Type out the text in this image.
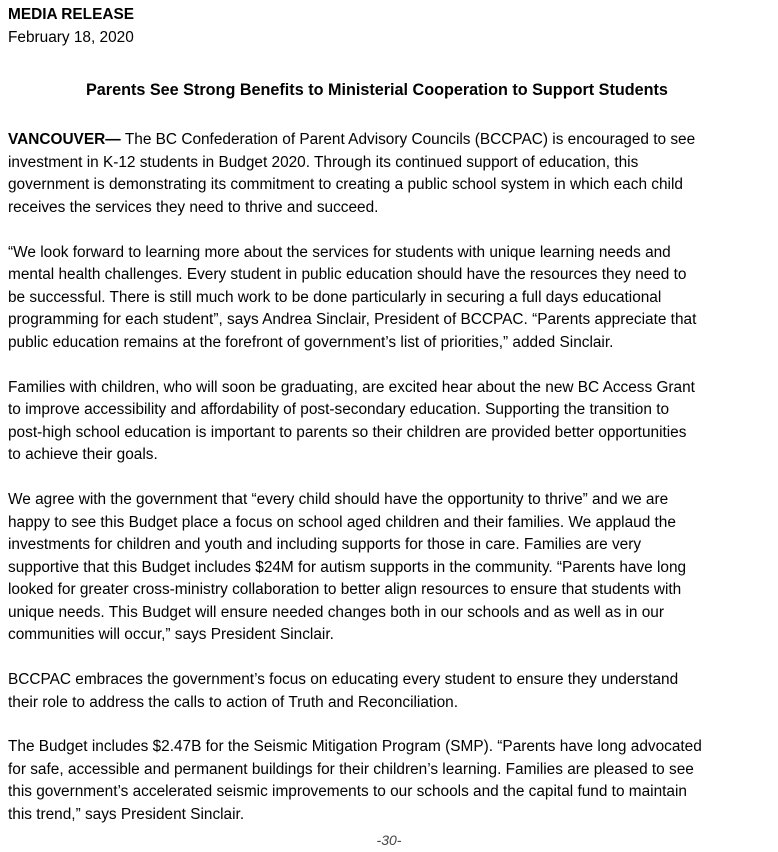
MEDIA RELEASE

February 18, 2020

Parents See Strong Benefits to Ministerial Cooperation to Support Students

VANCOUVER— The BC Confederation of Parent Advisory Councils (BCCPAC) is encouraged to see
investment in K-12 students in Budget 2020. Through its continued support of education, this
government is demonstrating its commitment to creating a public school system in which each child
receives the services they need to thrive and succeed.

“We look forward to learning more about the services for students with unique learning needs and
mental health challenges. Every student in public education should have the resources they need to
be successful. There is still much work to be done particularly in securing a full days educational
programming for each student”, says Andrea Sinclair, President of BCCPAC. “Parents appreciate that
public education remains at the forefront of government’s list of priorities,” added Sinclair.

Families with children, who will soon be graduating, are excited hear about the new BC Access Grant
to improve accessibility and affordability of post-secondary education. Supporting the transition to
post-high school education is important to parents so their children are provided better opportunities
to achieve their goals.

We agree with the government that “every child should have the opportunity to thrive” and we are
happy to see this Budget place a focus on school aged children and their families. We applaud the
investments for children and youth and including supports for those in care. Families are very
supportive that this Budget includes $24M for autism supports in the community. “Parents have long
looked for greater cross-ministry collaboration to better align resources to ensure that students with
unique needs. This Budget will ensure needed changes both in our schools and as well as in our
communities will occur,” says President Sinclair.

BCCPAC embraces the government’s focus on educating every student to ensure they understand
their role to address the calls to action of Truth and Reconciliation.

The Budget includes $2.47B for the Seismic Mitigation Program (SMP). “Parents have long advocated
for safe, accessible and permanent buildings for their children’s learning. Families are pleased to see
this government’s accelerated seismic improvements to our schools and the capital fund to maintain
this trend,” says President Sinclair.

-30-
